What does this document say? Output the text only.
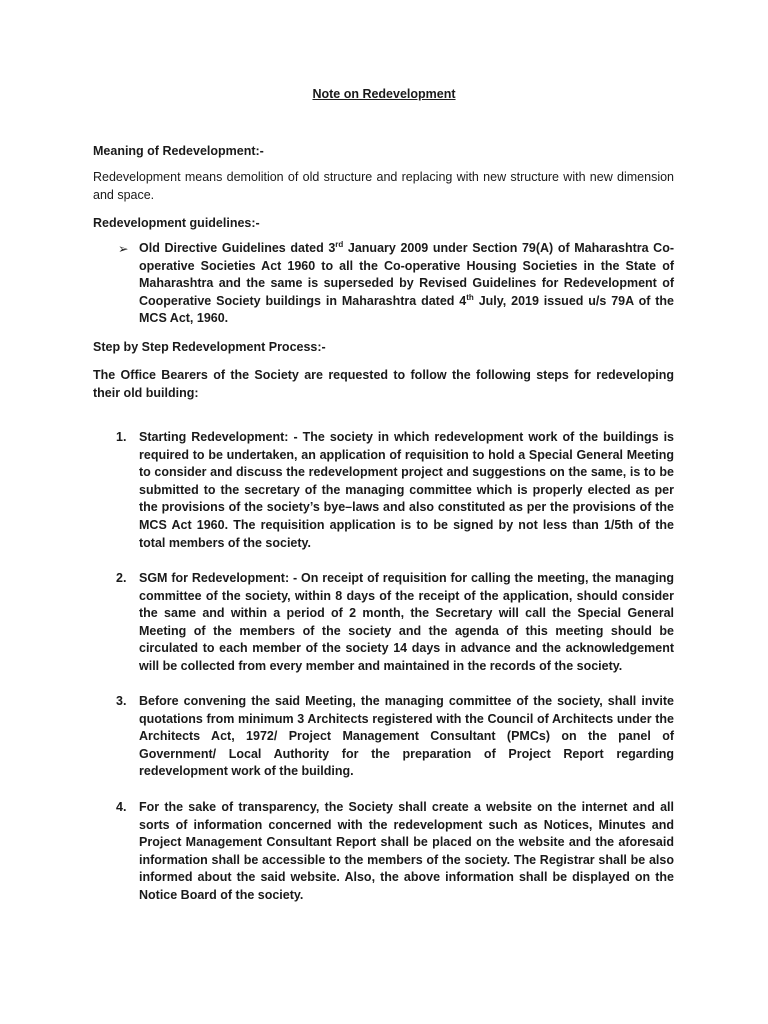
Note on Redevelopment
Meaning of Redevelopment:-
Redevelopment means demolition of old structure and replacing with new structure with new dimension and space.
Redevelopment guidelines:-
➢ Old Directive Guidelines dated 3rd January 2009 under Section 79(A) of Maharashtra Co-operative Societies Act 1960 to all the Co-operative Housing Societies in the State of Maharashtra and the same is superseded by Revised Guidelines for Redevelopment of Cooperative Society buildings in Maharashtra dated 4th July, 2019 issued u/s 79A of the MCS Act, 1960.
Step by Step Redevelopment Process:-
The Office Bearers of the Society are requested to follow the following steps for redeveloping their old building:
1. Starting Redevelopment: - The society in which redevelopment work of the buildings is required to be undertaken, an application of requisition to hold a Special General Meeting to consider and discuss the redevelopment project and suggestions on the same, is to be submitted to the secretary of the managing committee which is properly elected as per the provisions of the society’s bye–laws and also constituted as per the provisions of the MCS Act 1960. The requisition application is to be signed by not less than 1/5th of the total members of the society.
2. SGM for Redevelopment: - On receipt of requisition for calling the meeting, the managing committee of the society, within 8 days of the receipt of the application, should consider the same and within a period of 2 month, the Secretary will call the Special General Meeting of the members of the society and the agenda of this meeting should be circulated to each member of the society 14 days in advance and the acknowledgement will be collected from every member and maintained in the records of the society.
3. Before convening the said Meeting, the managing committee of the society, shall invite quotations from minimum 3 Architects registered with the Council of Architects under the Architects Act, 1972/ Project Management Consultant (PMCs) on the panel of Government/ Local Authority for the preparation of Project Report regarding redevelopment work of the building.
4. For the sake of transparency, the Society shall create a website on the internet and all sorts of information concerned with the redevelopment such as Notices, Minutes and Project Management Consultant Report shall be placed on the website and the aforesaid information shall be accessible to the members of the society. The Registrar shall be also informed about the said website. Also, the above information shall be displayed on the Notice Board of the society.
